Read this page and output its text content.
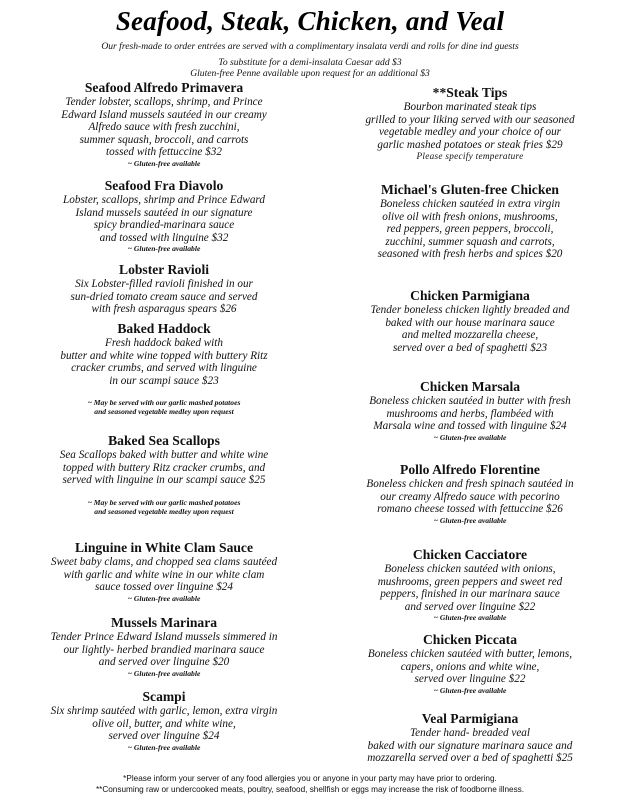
Seafood, Steak, Chicken, and Veal
Our fresh-made to order entrées are served with a complimentary insalata verdi and rolls for dine ind guests
To substitute for a demi-insalata Caesar add $3
Gluten-free Penne available upon request for an additional $3
Seafood Alfredo Primavera
Tender lobster, scallops, shrimp, and Prince
Edward Island mussels sautéed in our creamy
Alfredo sauce with fresh zucchini,
summer squash, broccoli, and carrots
tossed with fettuccine $32
~ Gluten-free available
Seafood Fra Diavolo
Lobster, scallops, shrimp and Prince Edward
Island mussels sautéed in our signature
spicy brandied-marinara sauce
and tossed with linguine $32
~ Gluten-free available
Lobster Ravioli
Six Lobster-filled ravioli finished in our
sun-dried tomato cream sauce and served
with fresh asparagus spears $26
Baked Haddock
Fresh haddock baked with
butter and white wine topped with buttery Ritz
cracker crumbs, and served with linguine
in our scampi sauce $23
~ May be served with our garlic mashed potatoes
and seasoned vegetable medley upon request
Baked Sea Scallops
Sea Scallops baked with butter and white wine
topped with buttery Ritz cracker crumbs, and
served with linguine in our scampi sauce $25
~ May be served with our garlic mashed potatoes
and seasoned vegetable medley upon request
Linguine in White Clam Sauce
Sweet baby clams, and chopped sea clams sautéed
with garlic and white wine in our white clam
sauce tossed over linguine $24
~ Gluten-free available
Mussels Marinara
Tender Prince Edward Island mussels simmered in
our lightly- herbed brandied marinara sauce
and served over linguine $20
~ Gluten-free available
Scampi
Six shrimp sautéed with garlic, lemon, extra virgin
olive oil, butter, and white wine,
served over linguine $24
~ Gluten-free available
**Steak Tips
Bourbon marinated steak tips
grilled to your liking served with our seasoned
vegetable medley and your choice of our
garlic mashed potatoes or steak fries $29
Please specify temperature
Michael's Gluten-free Chicken
Boneless chicken sautéed in extra virgin
olive oil with fresh onions, mushrooms,
red peppers, green peppers, broccoli,
zucchini, summer squash and carrots,
seasoned with fresh herbs and spices $20
Chicken Parmigiana
Tender boneless chicken lightly breaded and
baked with our house marinara sauce
and melted mozzarella cheese,
served over a bed of spaghetti $23
Chicken Marsala
Boneless chicken sautéed in butter with fresh
mushrooms and herbs, flambéed with
Marsala wine and tossed with linguine $24
~ Gluten-free available
Pollo Alfredo Florentine
Boneless chicken and fresh spinach sautéed in
our creamy Alfredo sauce with pecorino
romano cheese tossed with fettuccine $26
~ Gluten-free available
Chicken Cacciatore
Boneless chicken sautéed with onions,
mushrooms, green peppers and sweet red
peppers, finished in our marinara sauce
and served over linguine $22
~ Gluten-free available
Chicken Piccata
Boneless chicken sautéed with butter, lemons,
capers, onions and white wine,
served over linguine $22
~ Gluten-free available
Veal Parmigiana
Tender hand- breaded veal
baked with our signature marinara sauce and
mozzarella served over a bed of spaghetti $25
*Please inform your server of any food allergies you or anyone in your party may have prior to ordering.
**Consuming raw or undercooked meats, poultry, seafood, shellfish or eggs may increase the risk of foodborne illness.
